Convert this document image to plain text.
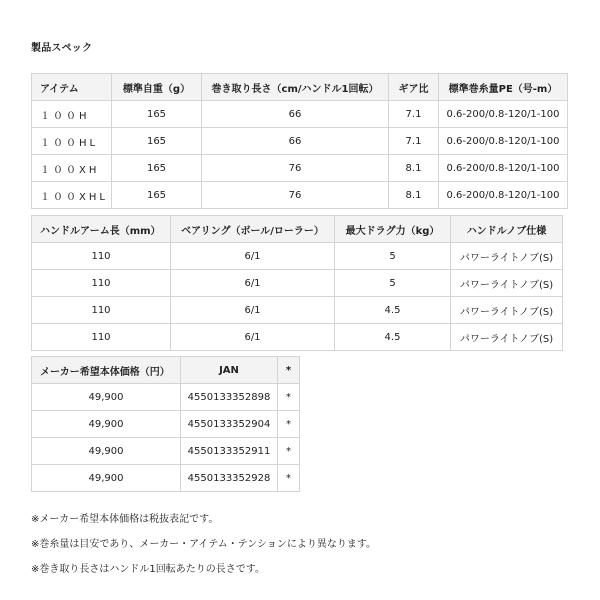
製品スペック
アイテム	標準自重（g）	巻き取り長さ（cm/ハンドル1回転）	ギア比	標準巻糸量PE（号-m）
１００H	165	66	7.1	0.6-200/0.8-120/1-100
１００HL	165	66	7.1	0.6-200/0.8-120/1-100
１００XH	165	76	8.1	0.6-200/0.8-120/1-100
１００XHL	165	76	8.1	0.6-200/0.8-120/1-100
ハンドルアーム長（mm）	ベアリング（ボール/ローラー）	最大ドラグ力（kg）	ハンドルノブ仕様
110	6/1	5	パワーライトノブ(S)
110	6/1	5	パワーライトノブ(S)
110	6/1	4.5	パワーライトノブ(S)
110	6/1	4.5	パワーライトノブ(S)
メーカー希望本体価格（円）	JAN	*
49,900	4550133352898	*
49,900	4550133352904	*
49,900	4550133352911	*
49,900	4550133352928	*
※メーカー希望本体価格は税抜表記です。
※巻糸量は目安であり、メーカー・アイテム・テンションにより異なります。
※巻き取り長さはハンドル1回転あたりの長さです。
